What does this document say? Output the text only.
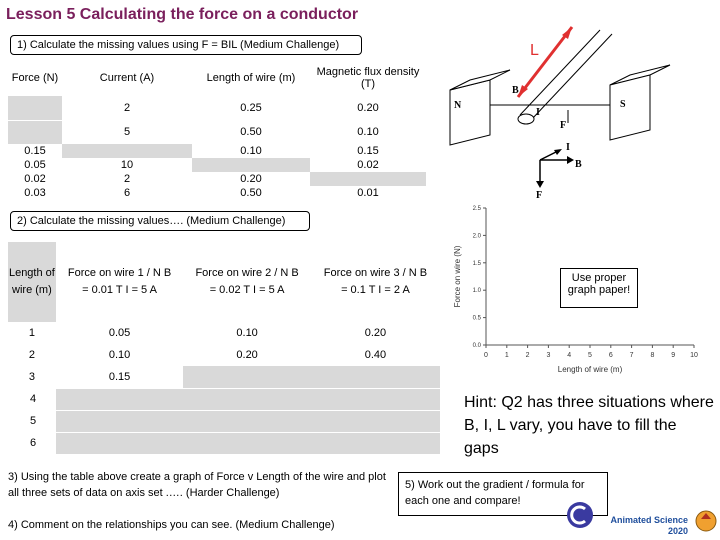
Lesson 5 Calculating the force on a conductor
1) Calculate the missing values using F = BIL (Medium Challenge)
Force (N)	Current (A)	Length of wire (m)	Magnetic flux density (T)
	2	0.25	0.20
	5	0.50	0.10
0.15		0.10	0.15
0.05	10		0.02
0.02	2	0.20	
0.03	6	0.50	0.01
N	S
B
I
F
L
I
B
F
2) Calculate the missing values…. (Medium Challenge)
Length of wire (m)	Force on wire 1 / N B = 0.01 T I = 5 A	Force on wire 2 / N B = 0.02 T I = 5 A	Force on wire 3 / N B = 0.1 T I = 2 A
1	0.05	0.10	0.20
2	0.10	0.20	0.40
3	0.15		
4			
5			
6			
0 1 2 3 4 5 6 7 8 9 10
0.0
0.5
1.0
1.5
2.0
2.5
Length of wire (m)
Force on wire (N)	Use proper graph paper!
Hint: Q2 has three situations where B, I, L vary, you have to fill the gaps
3) Using the table above create a graph of Force v Length of the wire and plot all three sets of data on axis set .…. (Harder Challenge)
4) Comment on the relationships you can see. (Medium Challenge)
5) Work out the gradient / formula for each one and compare!
Animated Science
2020
